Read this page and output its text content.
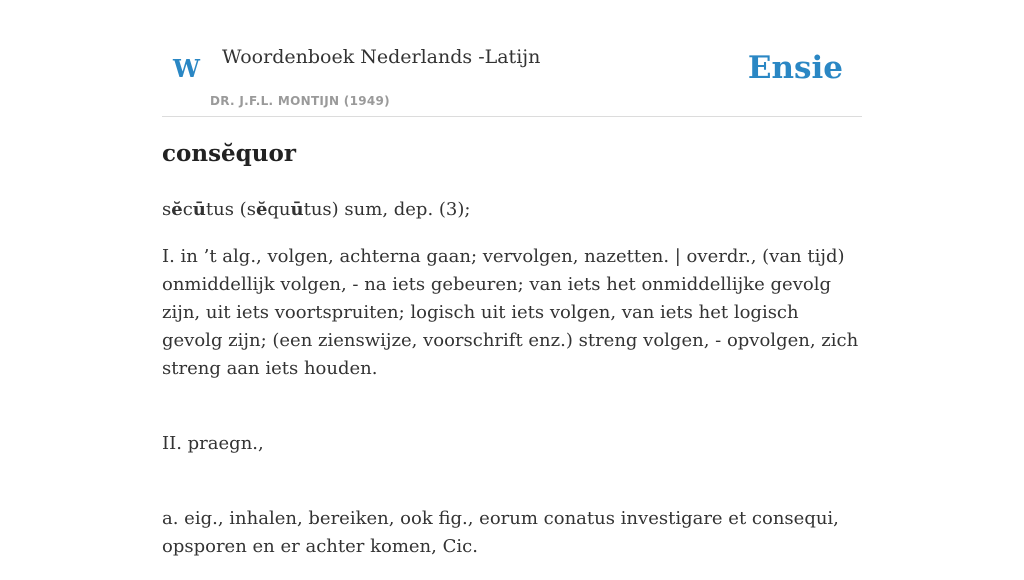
W Woordenboek Nederlands -Latijn
DR. J.F.L. MONTIJN (1949)
Ensie
consĕquor
sĕcūtus (sĕquūtus) sum, dep. (3);
I. in ’t alg., volgen, achterna gaan; vervolgen, nazetten. | overdr., (van tijd) onmiddellijk volgen, - na iets gebeuren; van iets het onmiddellijke gevolg zijn, uit iets voortspruiten; logisch uit iets volgen, van iets het logisch gevolg zijn; (een zienswijze, voorschrift enz.) streng volgen, - opvolgen, zich streng aan iets houden.
II. praegn.,
a. eig., inhalen, bereiken, ook fig., eorum conatus investigare et consequi, opsporen en er achter komen, Cic.
